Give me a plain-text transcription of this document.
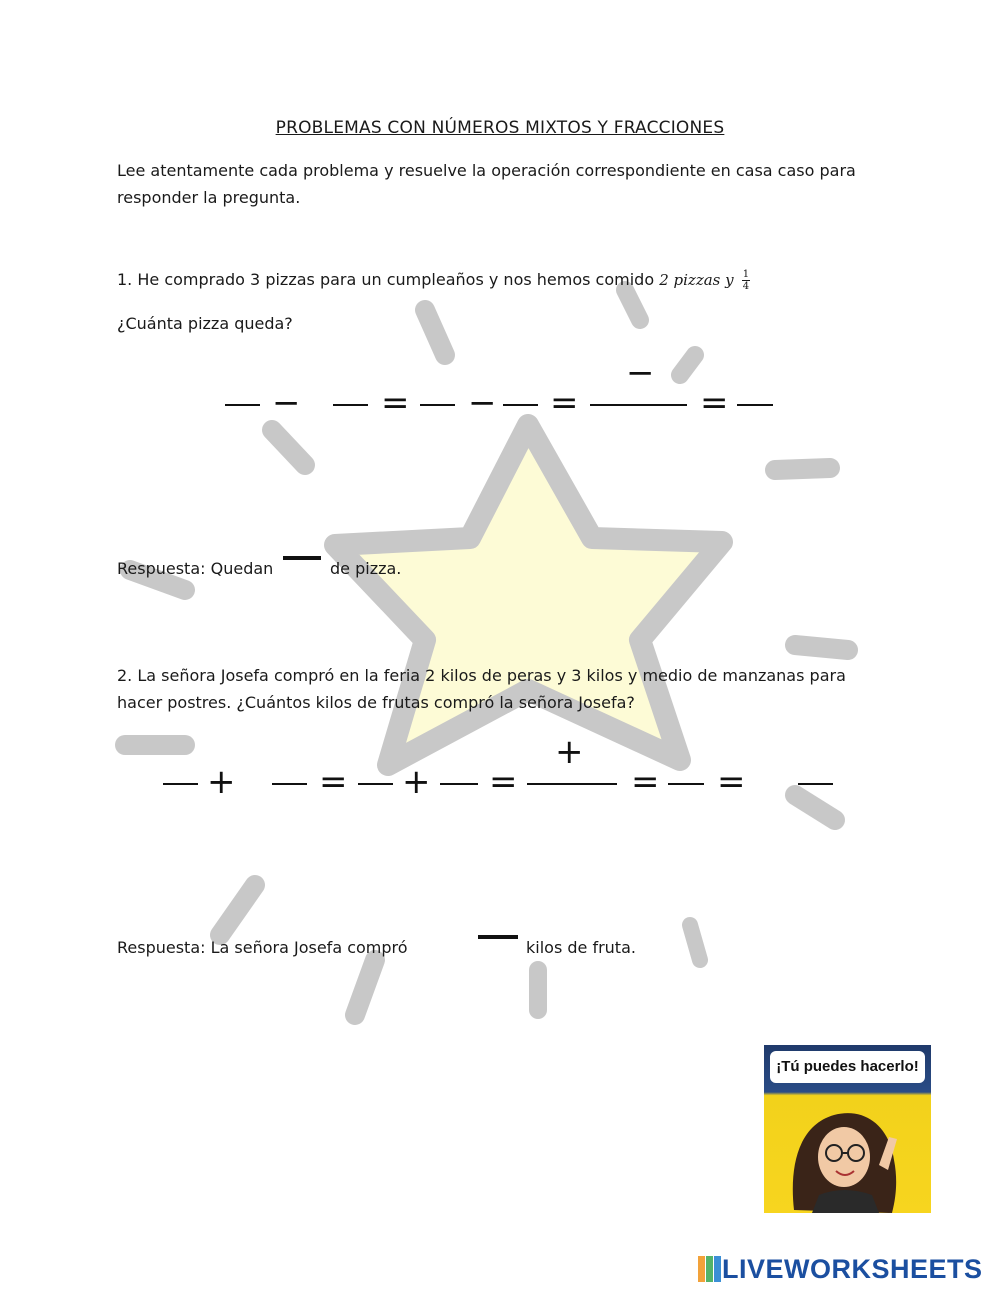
PROBLEMAS CON NÚMEROS MIXTOS Y FRACCIONES
Lee atentamente cada problema y resuelve la operación correspondiente en casa caso para responder la pregunta.
1. He comprado 3 pizzas para un cumpleaños y nos hemos comido 2 pizzas y $\frac{1}{4}$
¿Cuánta pizza queda?
− = − =
−
=
Respuesta: Quedan	de pizza.
2. La señora Josefa compró en la feria 2 kilos de peras y 3 kilos y medio de manzanas para hacer postres. ¿Cuántos kilos de frutas compró la señora Josefa?
+ = + =
+
= =
Respuesta: La señora Josefa compró	kilos de fruta.
¡Tú puedes hacerlo!
LIVEWORKSHEETS
